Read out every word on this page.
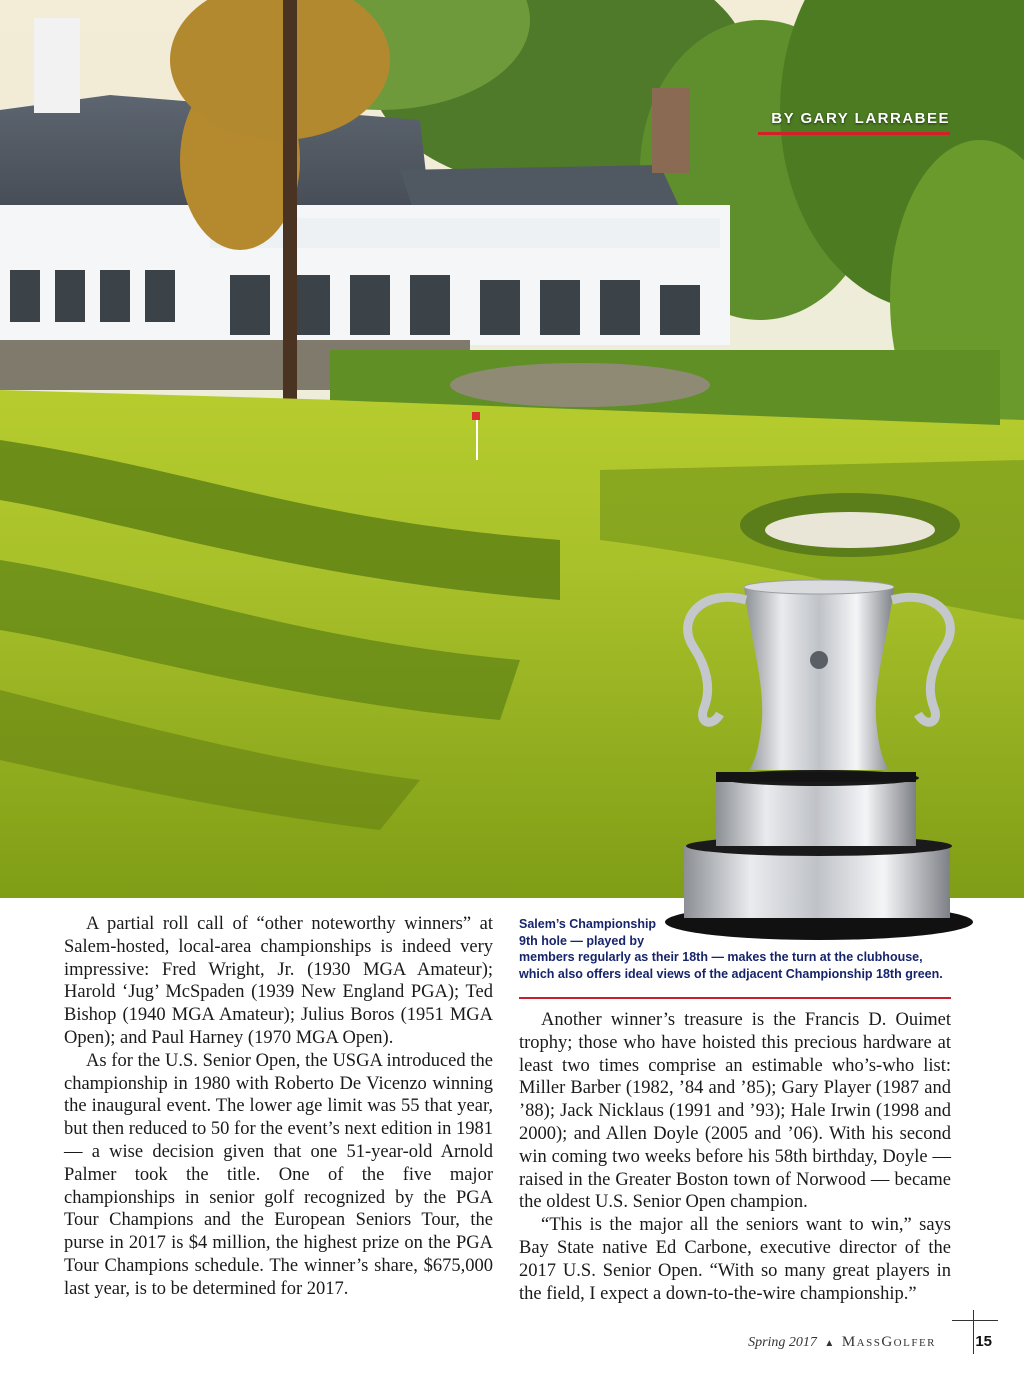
BY GARY LARRABEE
Salem’s Championship
9th hole — played by
members regularly as their 18th — makes the turn at the clubhouse,
which also offers ideal views of the adjacent Championship 18th green.

A partial roll call of “other noteworthy winners” at Salem-hosted, local-area championships is indeed very impressive: Fred Wright, Jr. (1930 MGA Amateur); Harold ‘Jug’ McSpaden (1939 New England PGA); Ted Bishop (1940 MGA Amateur); Julius Boros (1951 MGA Open); and Paul Harney (1970 MGA Open).

As for the U.S. Senior Open, the USGA introduced the championship in 1980 with Roberto De Vicenzo winning the inaugural event. The lower age limit was 55 that year, but then reduced to 50 for the event’s next edition in 1981 — a wise decision given that one 51-year-old Arnold Palmer took the title. One of the five major championships in senior golf recognized by the PGA Tour Champions and the European Seniors Tour, the purse in 2017 is $4 million, the highest prize on the PGA Tour Champions schedule. The winner’s share, $675,000 last year, is to be determined for 2017.

Another winner’s treasure is the Francis D. Ouimet trophy; those who have hoisted this precious hardware at least two times comprise an estimable who’s-who list: Miller Barber (1982, ’84 and ’85); Gary Player (1987 and ’88); Jack Nicklaus (1991 and ’93); Hale Irwin (1998 and 2000); and Allen Doyle (2005 and ’06). With his second win coming two weeks before his 58th birthday, Doyle — raised in the Greater Boston town of Norwood — became the oldest U.S. Senior Open champion.

“This is the major all the seniors want to win,” says Bay State native Ed Carbone, executive director of the 2017 U.S. Senior Open. “With so many great players in the field, I expect a down-to-the-wire championship.”

Spring 2017 ▲ MassGolfer	15
